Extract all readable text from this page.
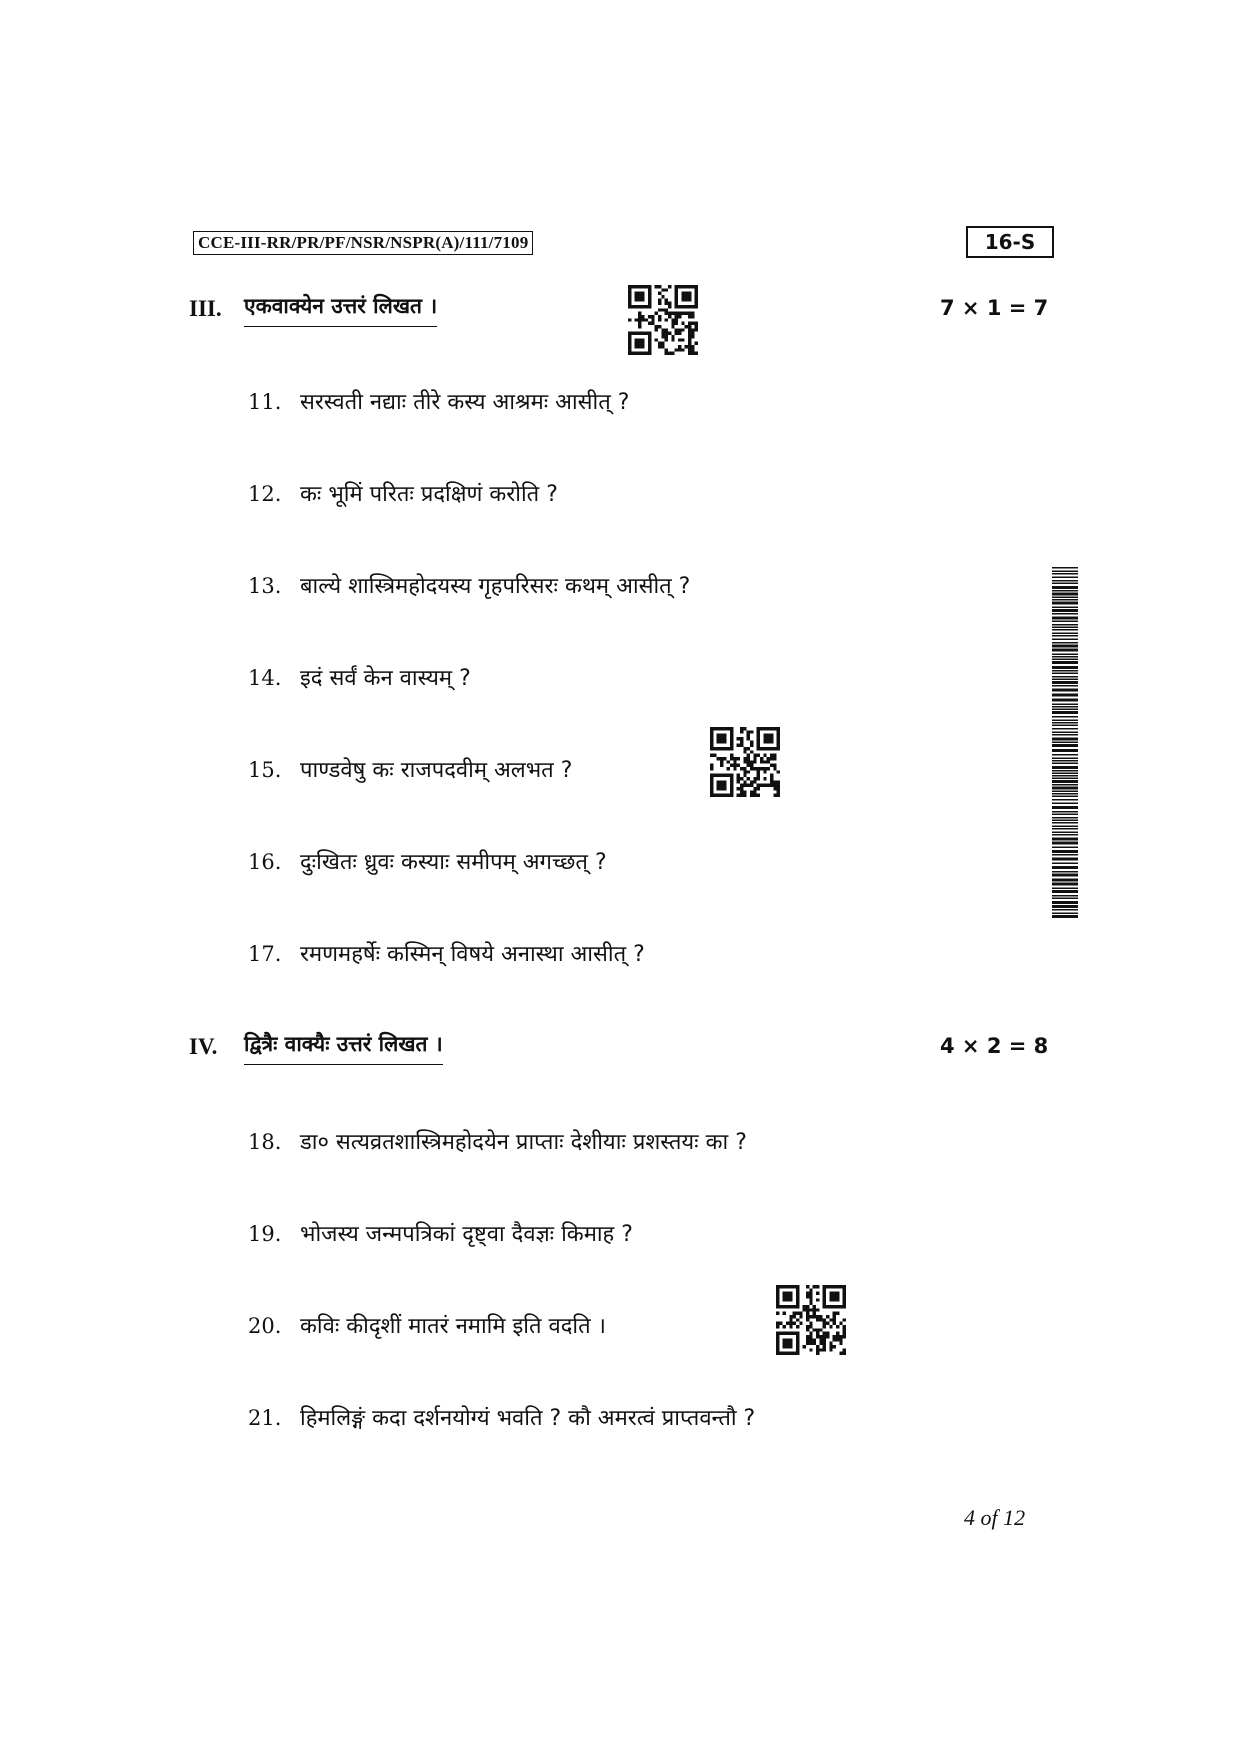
CCE-III-RR/PR/PF/NSR/NSPR(A)/111/7109	16-S
III. एकवाक्येन उत्तरं लिखत ।	7 × 1 = 7
11. सरस्वती नद्याः तीरे कस्य आश्रमः आसीत् ?
12. कः भूमिं परितः प्रदक्षिणं करोति ?
13. बाल्ये शास्त्रिमहोदयस्य गृहपरिसरः कथम् आसीत् ?
14. इदं सर्वं केन वास्यम् ?
15. पाण्डवेषु कः राजपदवीम् अलभत ?
16. दुःखितः ध्रुवः कस्याः समीपम् अगच्छत् ?
17. रमणमहर्षेः कस्मिन् विषये अनास्था आसीत् ?
IV. द्वित्रैः वाक्यैः उत्तरं लिखत ।	4 × 2 = 8
18. डा० सत्यव्रतशास्त्रिमहोदयेन प्राप्ताः देशीयाः प्रशस्तयः का ?
19. भोजस्य जन्मपत्रिकां दृष्ट्वा दैवज्ञः किमाह ?
20. कविः कीदृशीं मातरं नमामि इति वदति ।
21. हिमलिङ्गं कदा दर्शनयोग्यं भवति ? कौ अमरत्वं प्राप्तवन्तौ ?
4 of 12
